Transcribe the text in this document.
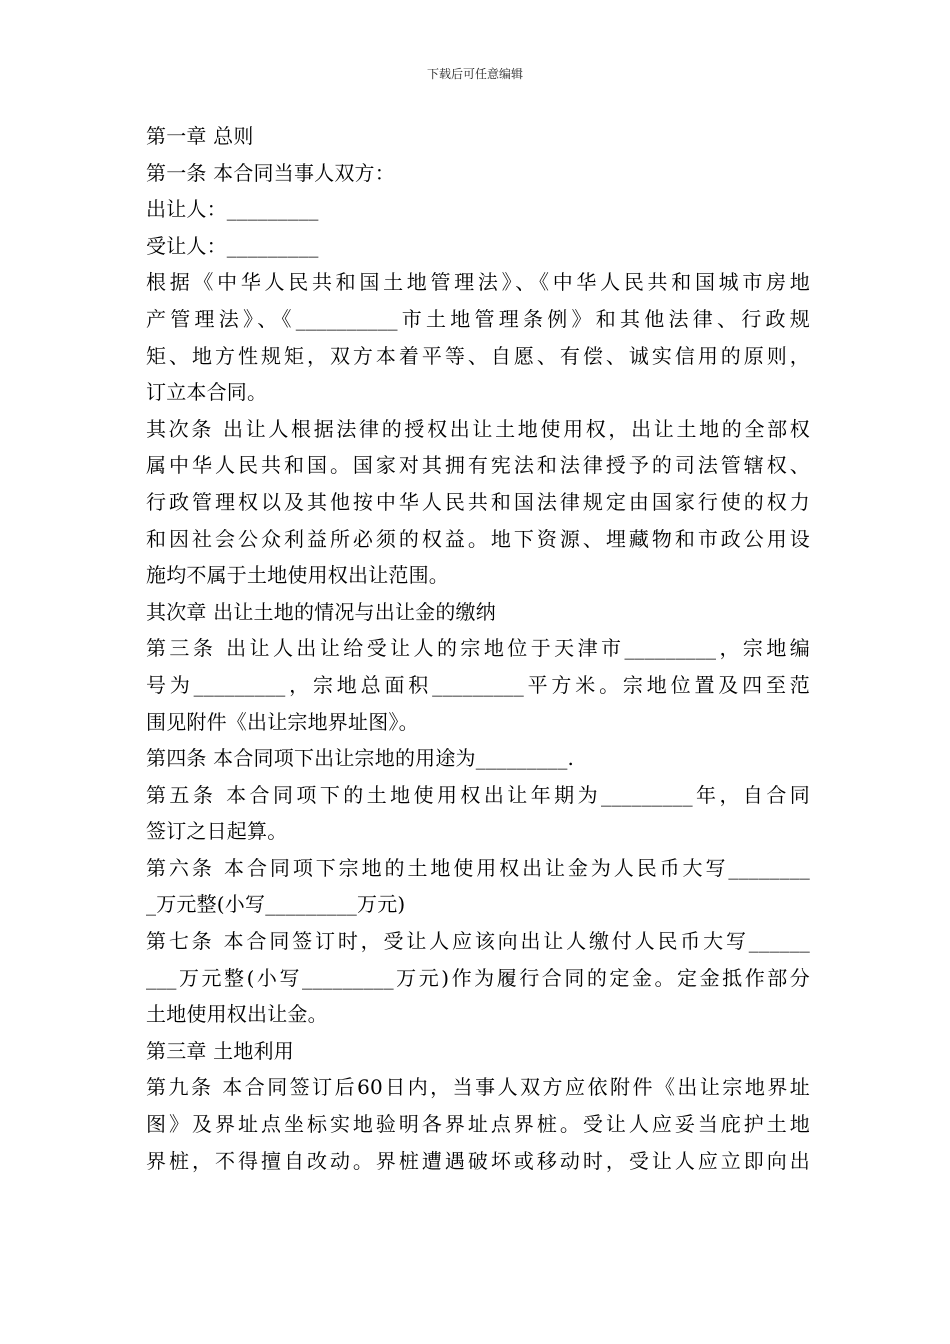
下载后可任意编辑
第一章 总则
第一条 本合同当事人双方：
出让人：_________
受让人：_________
根据《中华人民共和国土地管理法》、《中华人民共和国城市房地
产管理法》、《__________市土地管理条例》和其他法律、行政规
矩、地方性规矩，双方本着平等、自愿、有偿、诚实信用的原则，
订立本合同。
其次条 出让人根据法律的授权出让土地使用权，出让土地的全部权
属中华人民共和国。国家对其拥有宪法和法律授予的司法管辖权、
行政管理权以及其他按中华人民共和国法律规定由国家行使的权力
和因社会公众利益所必须的权益。地下资源、埋藏物和市政公用设
施均不属于土地使用权出让范围。
其次章 出让土地的情况与出让金的缴纳
第三条 出让人出让给受让人的宗地位于天津市_________，宗地编
号为_________，宗地总面积_________平方米。宗地位置及四至范
围见附件《出让宗地界址图》。
第四条 本合同项下出让宗地的用途为_________.
第五条 本合同项下的土地使用权出让年期为_________年，自合同
签订之日起算。
第六条 本合同项下宗地的土地使用权出让金为人民币大写________
_万元整(小写_________万元)
第七条 本合同签订时，受让人应该向出让人缴付人民币大写______
___万元整(小写_________万元)作为履行合同的定金。定金抵作部分
土地使用权出让金。
第三章 土地利用
第九条 本合同签订后60日内，当事人双方应依附件《出让宗地界址
图》及界址点坐标实地验明各界址点界桩。受让人应妥当庇护土地
界桩，不得擅自改动。界桩遭遇破坏或移动时，受让人应立即向出
